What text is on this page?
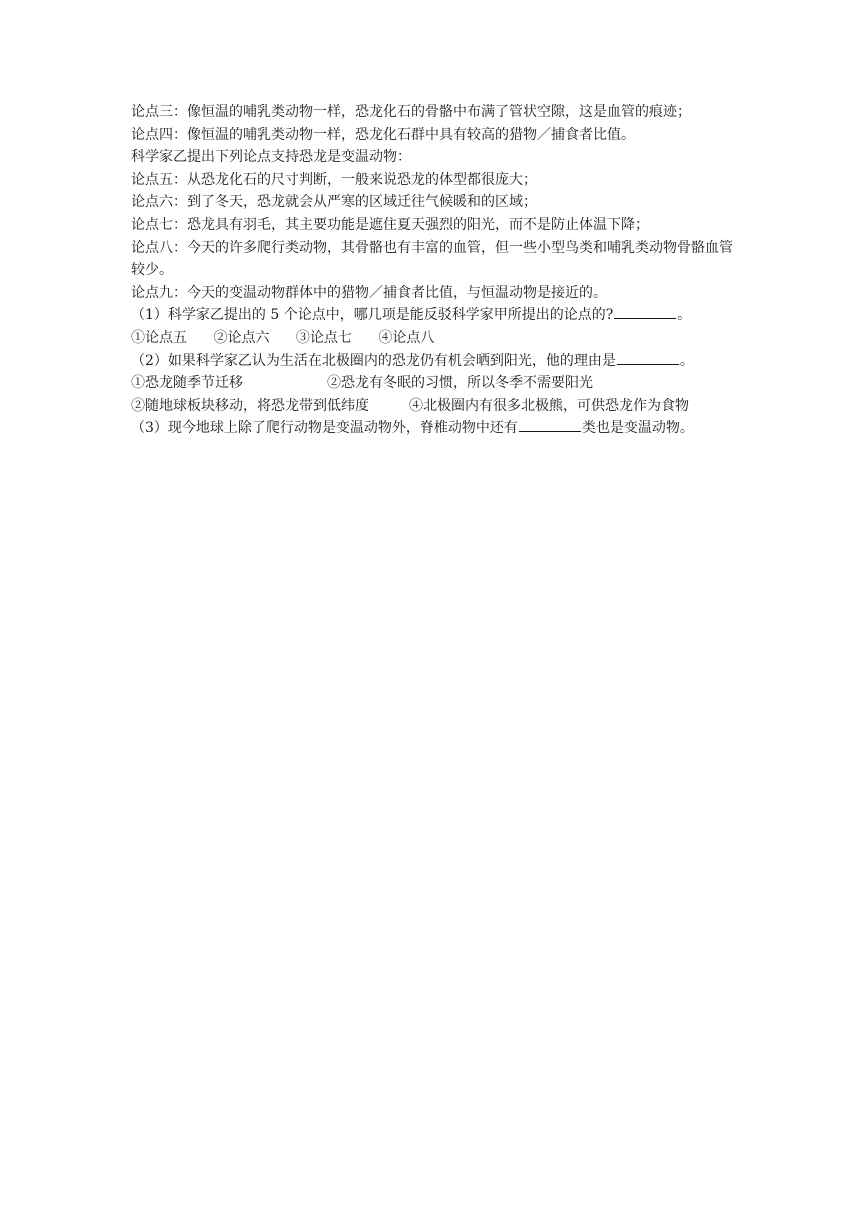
论点三：像恒温的哺乳类动物一样，恐龙化石的骨骼中布满了管状空隙，这是血管的痕迹；
论点四：像恒温的哺乳类动物一样，恐龙化石群中具有较高的猎物／捕食者比值。
科学家乙提出下列论点支持恐龙是变温动物：
论点五：从恐龙化石的尺寸判断，一般来说恐龙的体型都很庞大；
论点六：到了冬天，恐龙就会从严寒的区域迁往气候暖和的区域；
论点七：恐龙具有羽毛，其主要功能是遮住夏天强烈的阳光，而不是防止体温下降；
论点八：今天的许多爬行类动物，其骨骼也有丰富的血管，但一些小型鸟类和哺乳类动物骨骼血管较少。
论点九：今天的变温动物群体中的猎物／捕食者比值，与恒温动物是接近的。
（1）科学家乙提出的 5 个论点中，哪几项是能反驳科学家甲所提出的论点的?	。
①论点五 ②论点六 ③论点七 ④论点八
（2）如果科学家乙认为生活在北极圈内的恐龙仍有机会晒到阳光，他的理由是	。
①恐龙随季节迁移	②恐龙有冬眠的习惯，所以冬季不需要阳光
②随地球板块移动，将恐龙带到低纬度	④北极圈内有很多北极熊，可供恐龙作为食物
（3）现今地球上除了爬行动物是变温动物外，脊椎动物中还有	类也是变温动物。
